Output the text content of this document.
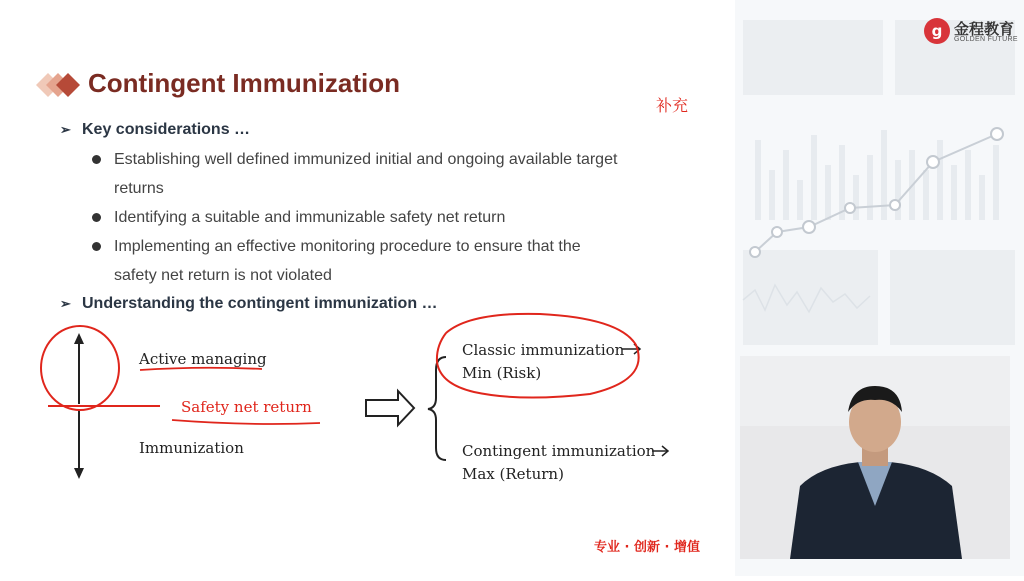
g 金程教育
GOLDEN FUTURE
Contingent Immunization
补充
➢ Key considerations …
Establishing well defined immunized initial and ongoing available target
returns
Identifying a suitable and immunizable safety net return
Implementing an effective monitoring procedure to ensure that the
safety net return is not violated
➢ Understanding the contingent immunization …
Active managing
Safety net return
Immunization
Classic immunization
Min (Risk)
Contingent immunization
Max (Return)
专业 · 创新 · 增值
